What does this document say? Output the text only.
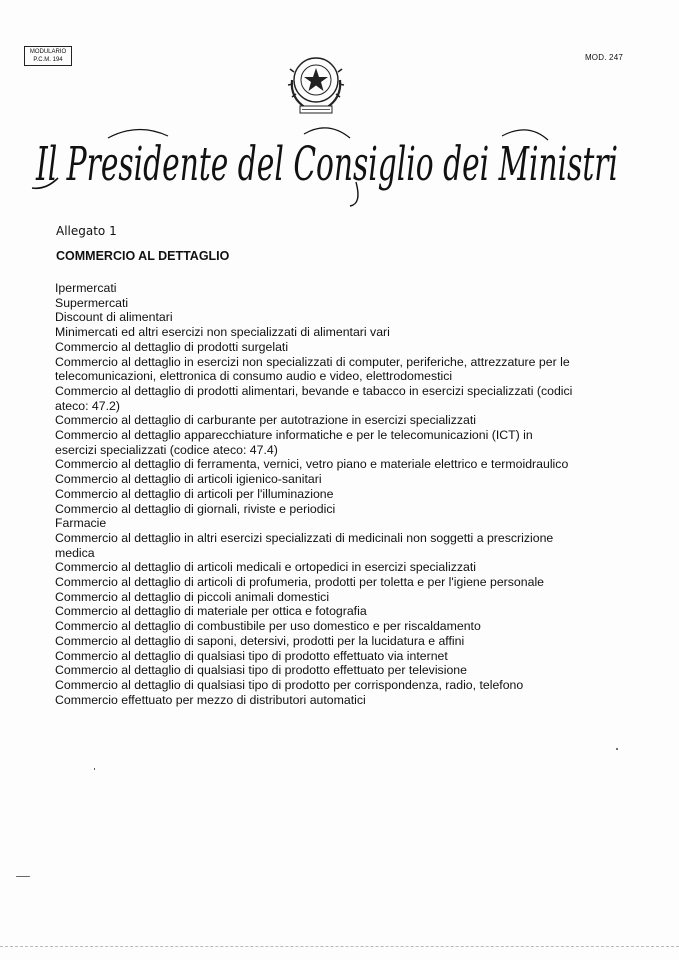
MODULARIO
P.C.M. 194	MOD. 247
Il Presidente del Consiglio dei Ministri
Allegato 1
COMMERCIO AL DETTAGLIO
Ipermercati
Supermercati
Discount di alimentari
Minimercati ed altri esercizi non specializzati di alimentari vari
Commercio al dettaglio di prodotti surgelati
Commercio al dettaglio in esercizi non specializzati di computer, periferiche, attrezzature per le
telecomunicazioni, elettronica di consumo audio e video, elettrodomestici
Commercio al dettaglio di prodotti alimentari, bevande e tabacco in esercizi specializzati (codici
ateco: 47.2)
Commercio al dettaglio di carburante per autotrazione in esercizi specializzati
Commercio al dettaglio apparecchiature informatiche e per le telecomunicazioni (ICT) in
esercizi specializzati (codice ateco: 47.4)
Commercio al dettaglio di ferramenta, vernici, vetro piano e materiale elettrico e termoidraulico
Commercio al dettaglio di articoli igienico-sanitari
Commercio al dettaglio di articoli per l'illuminazione
Commercio al dettaglio di giornali, riviste e periodici
Farmacie
Commercio al dettaglio in altri esercizi specializzati di medicinali non soggetti a prescrizione
medica
Commercio al dettaglio di articoli medicali e ortopedici in esercizi specializzati
Commercio al dettaglio di articoli di profumeria, prodotti per toletta e per l'igiene personale
Commercio al dettaglio di piccoli animali domestici
Commercio al dettaglio di materiale per ottica e fotografia
Commercio al dettaglio di combustibile per uso domestico e per riscaldamento
Commercio al dettaglio di saponi, detersivi, prodotti per la lucidatura e affini
Commercio al dettaglio di qualsiasi tipo di prodotto effettuato via internet
Commercio al dettaglio di qualsiasi tipo di prodotto effettuato per televisione
Commercio al dettaglio di qualsiasi tipo di prodotto per corrispondenza, radio, telefono
Commercio effettuato per mezzo di distributori automatici
